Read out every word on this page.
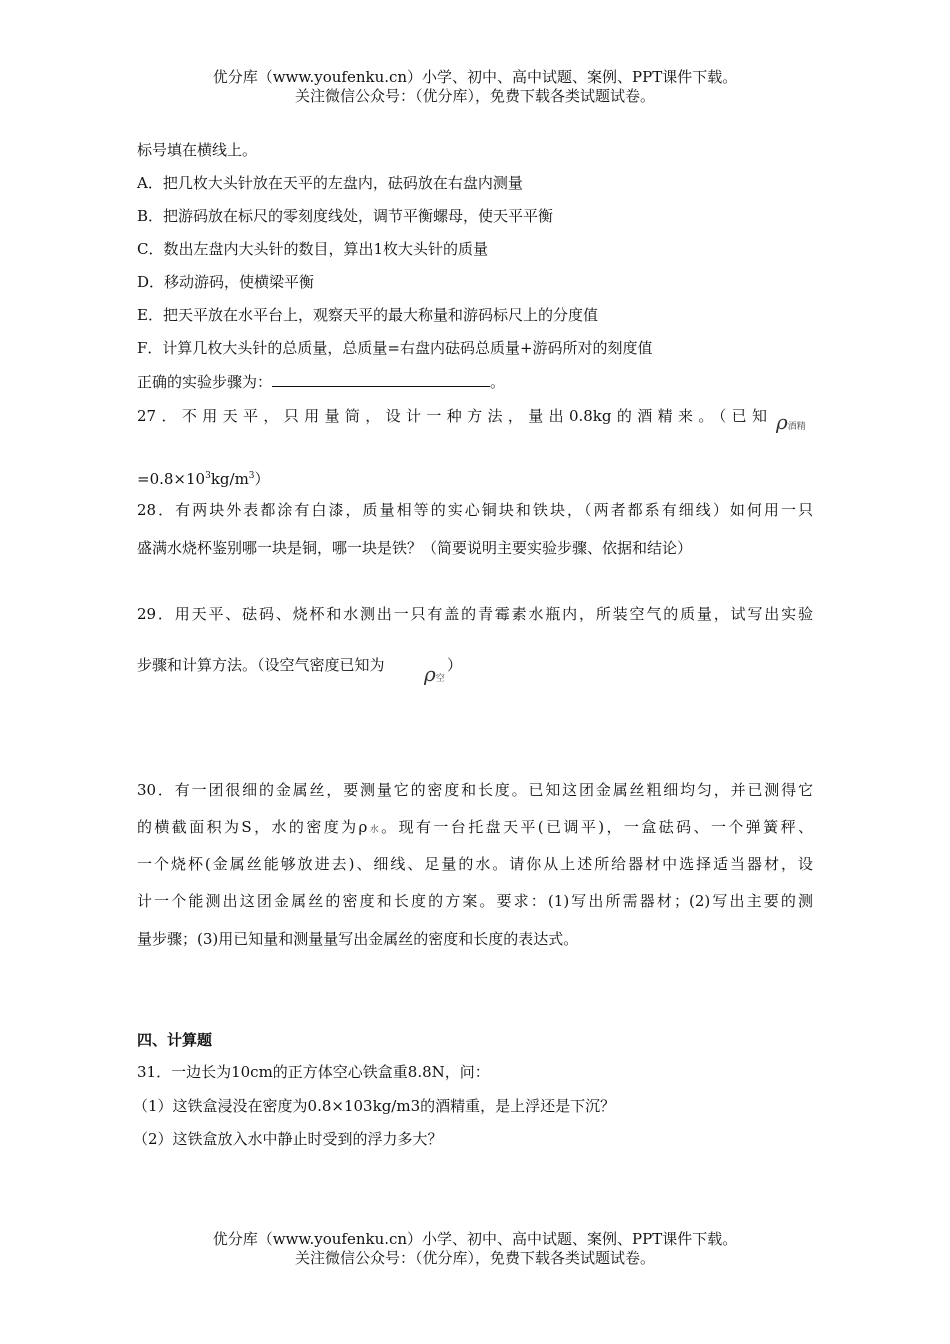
优分库（www.youfenku.cn）小学、初中、高中试题、案例、PPT课件下载。
关注微信公众号：（优分库），免费下载各类试题试卷。
标号填在横线上。
A．把几枚大头针放在天平的左盘内，砝码放在右盘内测量
B．把游码放在标尺的零刻度线处，调节平衡螺母，使天平平衡
C．数出左盘内大头针的数目，算出1枚大头针的质量
D．移动游码，使横梁平衡
E．把天平放在水平台上，观察天平的最大称量和游码标尺上的分度值
F．计算几枚大头针的总质量，总质量=右盘内砝码总质量+游码所对的刻度值
正确的实验步骤为：	。
27．不用天平，只用量筒，设计一种方法，量出0.8kg的酒精来。（已知 ρ酒精
$=0.8\times 10^3kg/m^3$）
28．有两块外表都涂有白漆，质量相等的实心铜块和铁块，（两者都系有细线）如何用一只
盛满水烧杯鉴别哪一块是铜，哪一块是铁？（简要说明主要实验步骤、依据和结论）
29．用天平、砝码、烧杯和水测出一只有盖的青霉素水瓶内，所装空气的质量，试写出实验
步骤和计算方法。（设空气密度已知为 ρ空
）
30．有一团很细的金属丝，要测量它的密度和长度。已知这团金属丝粗细均匀，并已测得它
的横截面积为S，水的密度为ρ水。现有一台托盘天平(已调平)，一盒砝码、一个弹簧秤、
一个烧杯(金属丝能够放进去)、细线、足量的水。请你从上述所给器材中选择适当器材，设
计一个能测出这团金属丝的密度和长度的方案。要求：(1)写出所需器材；(2)写出主要的测
量步骤；(3)用已知量和测量量写出金属丝的密度和长度的表达式。
四、计算题
31．一边长为10cm的正方体空心铁盒重8.8N，问：
（1）这铁盒浸没在密度为0.8×103kg/m3的酒精重，是上浮还是下沉？
（2）这铁盒放入水中静止时受到的浮力多大？
优分库（www.youfenku.cn）小学、初中、高中试题、案例、PPT课件下载。
关注微信公众号：（优分库），免费下载各类试题试卷。
